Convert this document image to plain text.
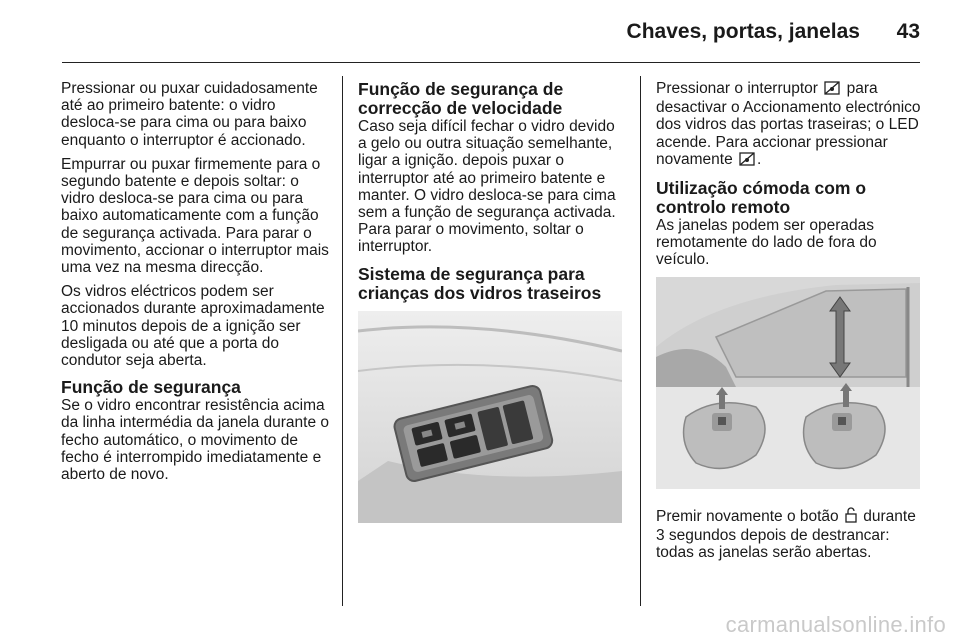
Chaves, portas, janelas 43

Pressionar ou puxar cuidadosamente até ao primeiro batente: o vidro desloca-se para cima ou para baixo enquanto o interruptor é accionado.

Empurrar ou puxar firmemente para o segundo batente e depois soltar: o vidro desloca-se para cima ou para baixo automaticamente com a função de segurança activada. Para parar o movimento, accionar o interruptor mais uma vez na mesma direcção.

Os vidros eléctricos podem ser accionados durante aproximadamente 10 minutos depois de a ignição ser desligada ou até que a porta do condutor seja aberta.

Função de segurança

Se o vidro encontrar resistência acima da linha intermédia da janela durante o fecho automático, o movimento de fecho é interrompido imediatamente e aberto de novo.

Função de segurança de correcção de velocidade

Caso seja difícil fechar o vidro devido a gelo ou outra situação semelhante, ligar a ignição. depois puxar o interruptor até ao primeiro batente e manter. O vidro desloca-se para cima sem a função de segurança activada. Para parar o movimento, soltar o interruptor.

Sistema de segurança para crianças dos vidros traseiros

Pressionar o interruptor para desactivar o Accionamento electrónico dos vidros das portas traseiras; o LED acende. Para accionar pressionar novamente .

Utilização cómoda com o controlo remoto

As janelas podem ser operadas remotamente do lado de fora do veículo.

Premir novamente o botão durante 3 segundos depois de destrancar: todas as janelas serão abertas.

carmanualsonline.info
